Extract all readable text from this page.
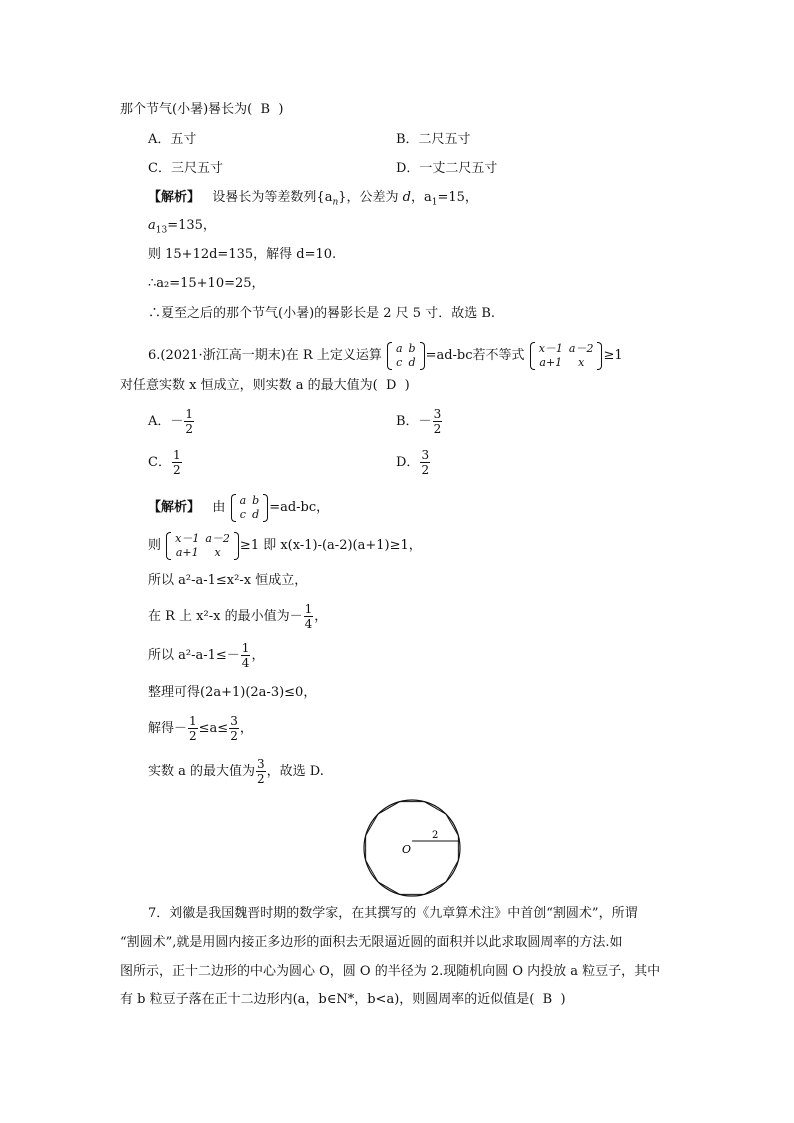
那个节气(小暑)晷长为( B )
A．五寸	B．二尺五寸
C．三尺五寸	D．一丈二尺五寸
【解析】 设晷长为等差数列$\{a_n\}$，公差为 d，$a_1=15$，
$a_{13}=135$，
则 15+12d=135，解得 d=10.
∴a₂=15+10=25，
∴夏至之后的那个节气(小暑)的晷影长是 2 尺 5 寸．故选 B.
6.(2021·浙江高一期末)在 R 上定义运算 a	b
c	d =ad-bc若不等式 x－1	a－2
a+1	x ≥1
对任意实数 x 恒成立，则实数 a 的最大值为( D )
A．－ $\frac{1}{2}$	B．－ $\frac{3}{2}$
C． $\frac{1}{2}$	D． $\frac{3}{2}$
【解析】 由 a	b
c	d =ad-bc，
则 x－1	a－2
a+1	x ≥1 即 x(x-1)-(a-2)(a+1)≥1，
所以 a²-a-1≤x²-x 恒成立，
在 R 上 x²-x 的最小值为－ $\frac{1}{4}$ ，
所以 $a^2-a-1\le- \frac{1}{4}$ ，
整理可得(2a+1)(2a-3)≤0，
解得－ $\frac{1}{2} \le a\le \frac{3}{2}$ ，
实数 a 的最大值为 $\frac{3}{2}$ ，故选 D.
O
2
7．刘徽是我国魏晋时期的数学家，在其撰写的《九章算术注》中首创“割圆术”，所谓
“割圆术”,就是用圆内接正多边形的面积去无限逼近圆的面积并以此求取圆周率的方法.如
图所示，正十二边形的中心为圆心 O，圆 O 的半径为 2.现随机向圆 O 内投放 a 粒豆子，其中
有 b 粒豆子落在正十二边形内(a，b∈N*，b<a)，则圆周率的近似值是( B )
